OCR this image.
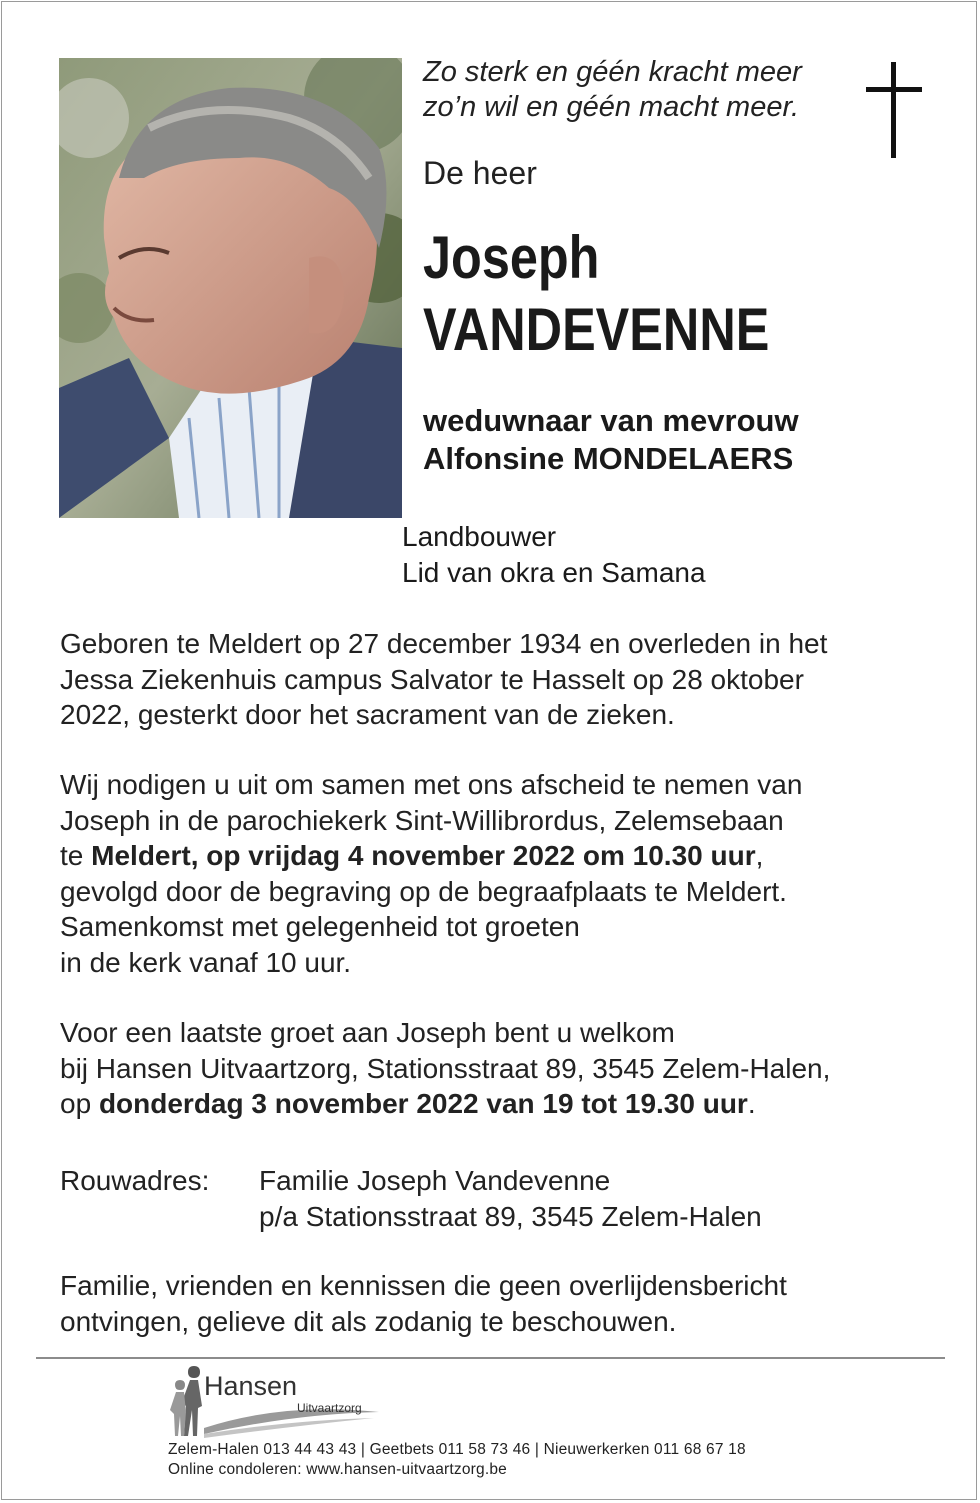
Zo sterk en géén kracht meer
zo’n wil en géén macht meer.
De heer
Joseph
VANDEVENNE
weduwnaar van mevrouw
Alfonsine MONDELAERS
Landbouwer
Lid van okra en Samana
Geboren te Meldert op 27 december 1934 en overleden in het
Jessa Ziekenhuis campus Salvator te Hasselt op 28 oktober
2022, gesterkt door het sacrament van de zieken.
Wij nodigen u uit om samen met ons afscheid te nemen van
Joseph in de parochiekerk Sint-Willibrordus, Zelemsebaan
te Meldert, op vrijdag 4 november 2022 om 10.30 uur,
gevolgd door de begraving op de begraafplaats te Meldert.
Samenkomst met gelegenheid tot groeten
in de kerk vanaf 10 uur.
Voor een laatste groet aan Joseph bent u welkom
bij Hansen Uitvaartzorg, Stationsstraat 89, 3545 Zelem-Halen,
op donderdag 3 november 2022 van 19 tot 19.30 uur.
Rouwadres: Familie Joseph Vandevenne
p/a Stationsstraat 89, 3545 Zelem-Halen
Familie, vrienden en kennissen die geen overlijdensbericht
ontvingen, gelieve dit als zodanig te beschouwen.
Hansen
Uitvaartzorg
Zelem-Halen 013 44 43 43 | Geetbets 011 58 73 46 | Nieuwerkerken 011 68 67 18
Online condoleren: www.hansen-uitvaartzorg.be
